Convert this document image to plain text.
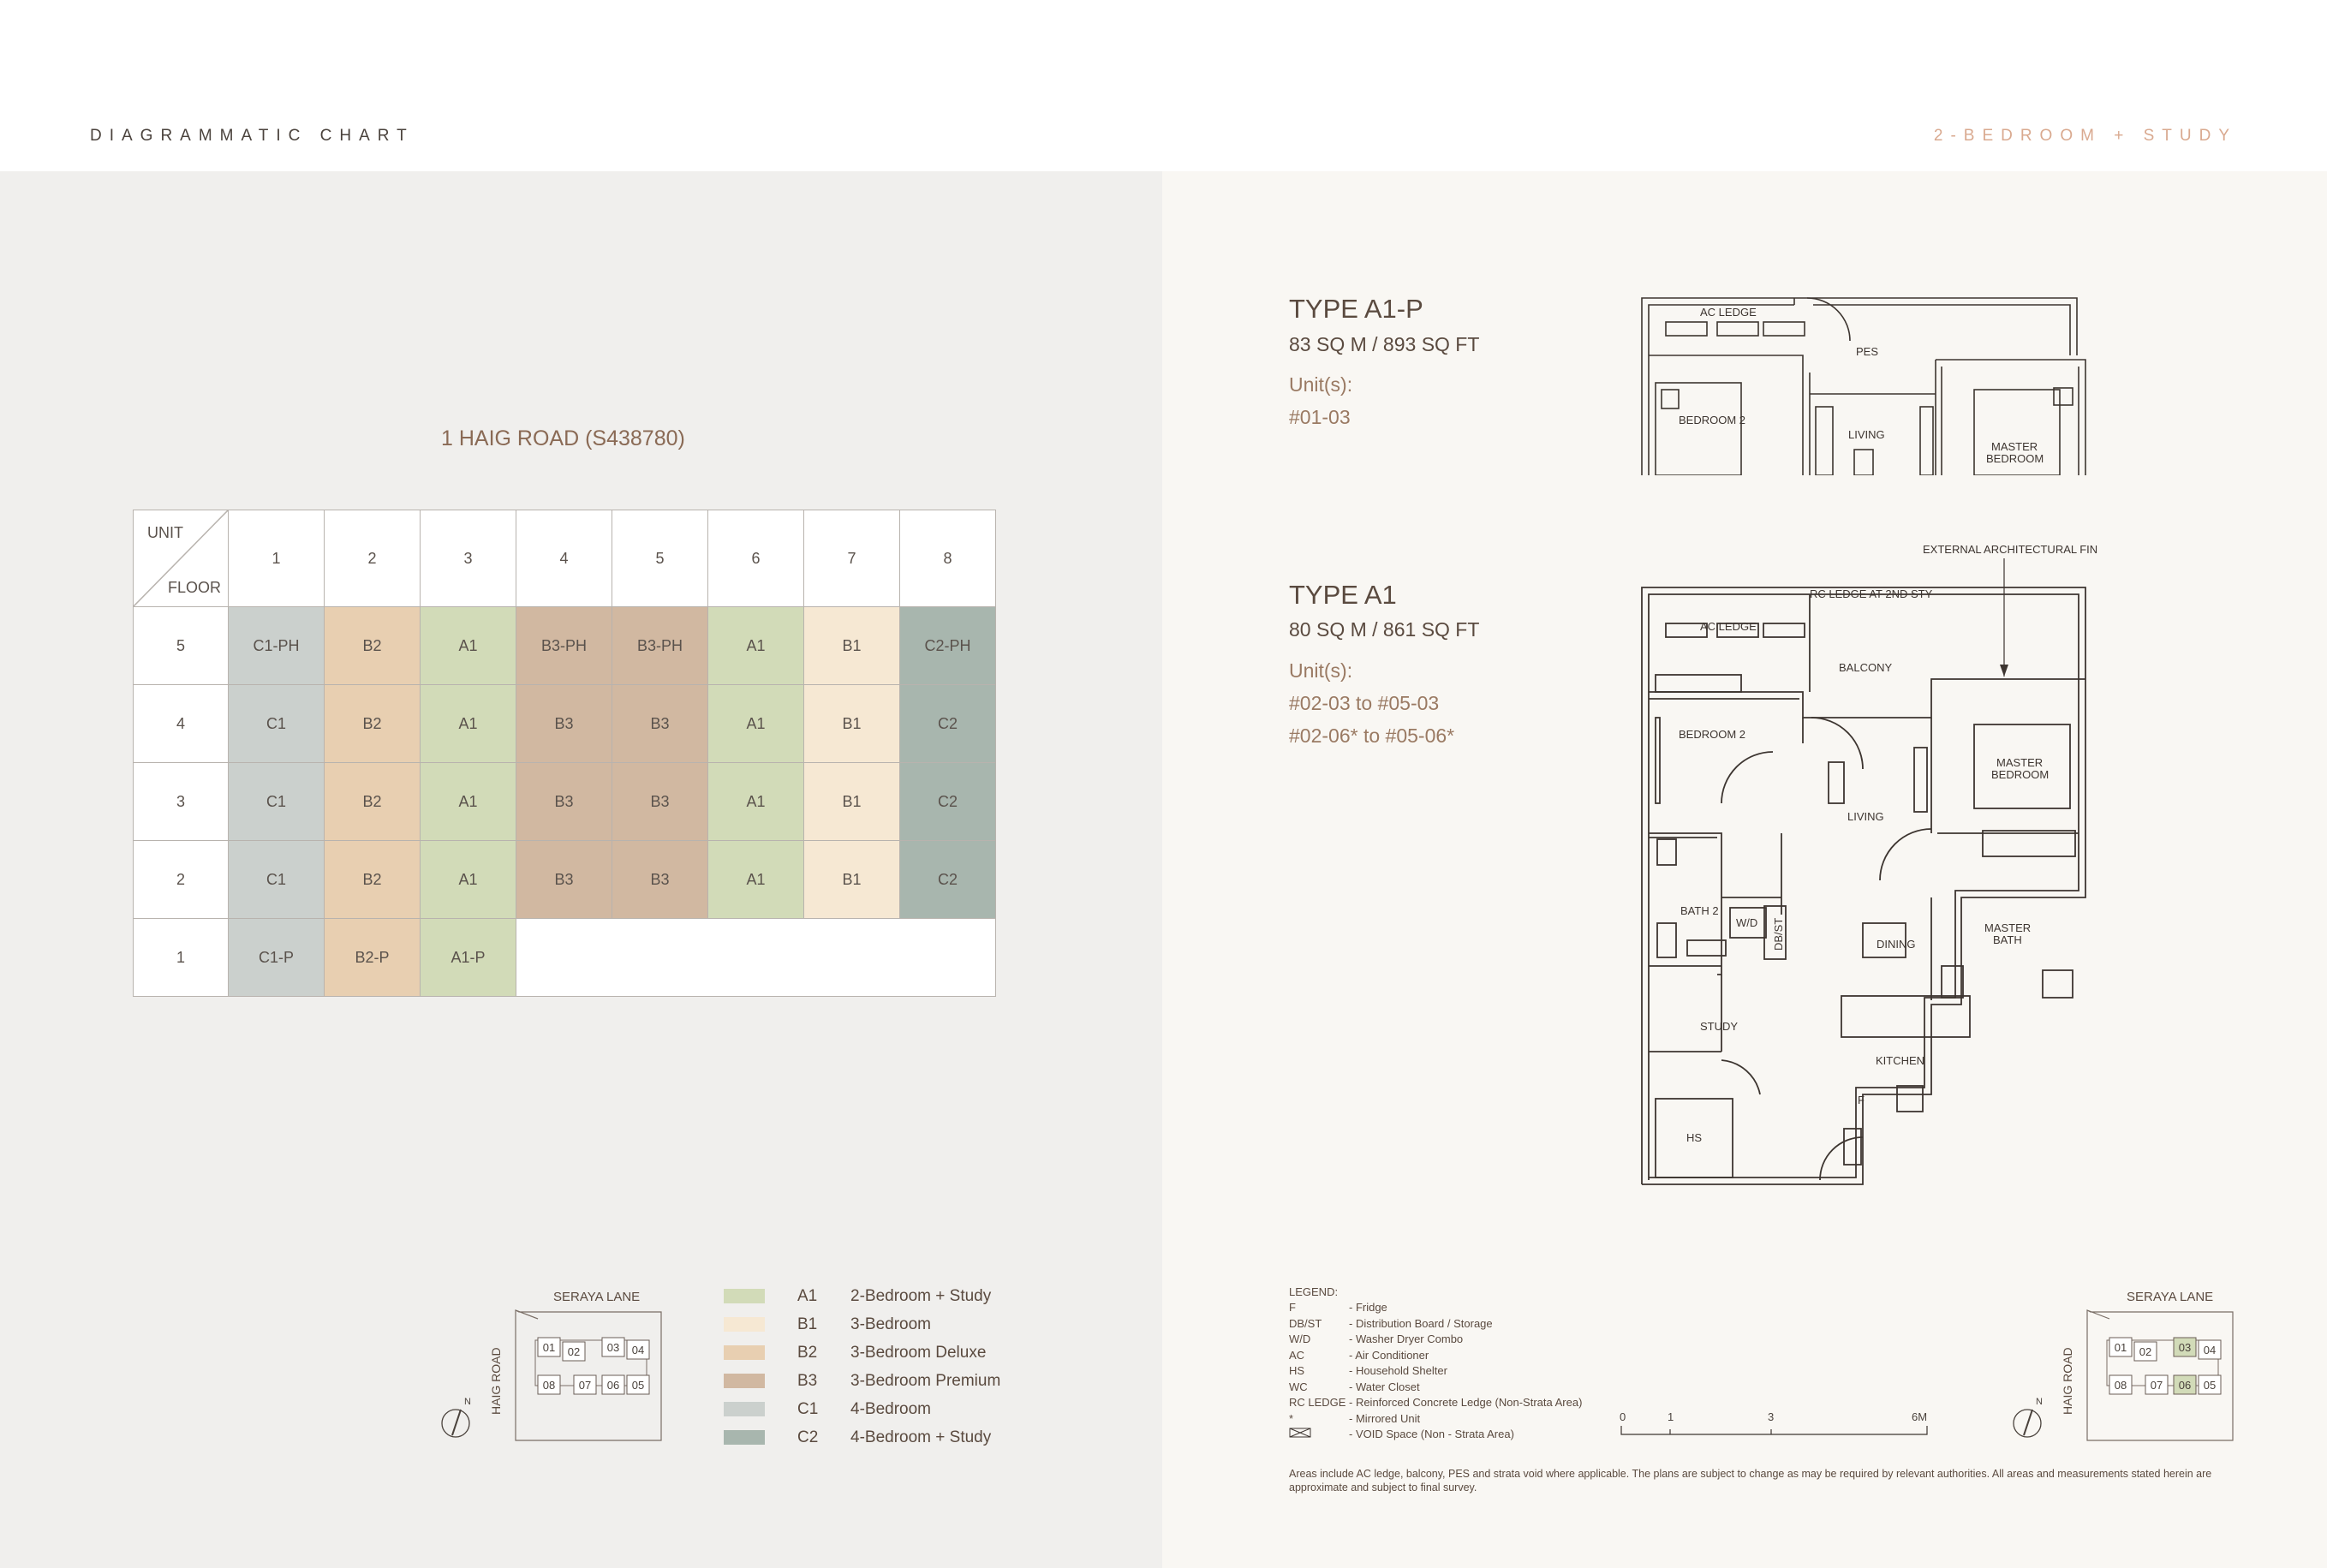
DIAGRAMMATIC CHART	2-BEDROOM + STUDY
1 HAIG ROAD (S438780)
UNIT
FLOOR	1	2	3	4	5	6	7	8
5	C1-PH	B2	A1	B3-PH	B3-PH	A1	B1	C2-PH
4	C1	B2	A1	B3	B3	A1	B1	C2
3	C1	B2	A1	B3	B3	A1	B1	C2
2	C1	B2	A1	B3	B3	A1	B1	C2
1	C1-P	B2-P	A1-P					
SERAYA LANE
HAIG ROAD	01 02 03 04
08 07 06 05
N
A1	2-Bedroom + Study
B1	3-Bedroom
B2	3-Bedroom Deluxe
B3	3-Bedroom Premium
C1	4-Bedroom
C2	4-Bedroom + Study
TYPE A1-P
83 SQ M / 893 SQ FT
Unit(s):
#01-03
TYPE A1
80 SQ M / 861 SQ FT
Unit(s):
#02-03 to #05-03
#02-06* to #05-06*
AC LEDGE
PES
BEDROOM 2
LIVING
MASTER
BEDROOM
EXTERNAL ARCHITECTURAL FIN
RC LEDGE AT 2ND STY
AC LEDGE
BALCONY
BEDROOM 2
LIVING
MASTER
BEDROOM
BATH 2
W/D DB/ST	DINING
MASTER
BATH
STUDY
KITCHEN
HS
F
LEGEND:
F	- Fridge
DB/ST	- Distribution Board / Storage
W/D	- Washer Dryer Combo
AC	- Air Conditioner
HS	- Household Shelter
WC	- Water Closet
RC LEDGE - Reinforced Concrete Ledge (Non-Strata Area)
*	- Mirrored Unit
- VOID Space (Non - Strata Area)
0	1	3	6M
SERAYA LANE
HAIG ROAD	01 02 03 04
08 07 06 05
N
Areas include AC ledge, balcony, PES and strata void where applicable. The plans are subject to change as may be required by relevant authorities. All areas and measurements stated herein are approximate and subject to final survey.
